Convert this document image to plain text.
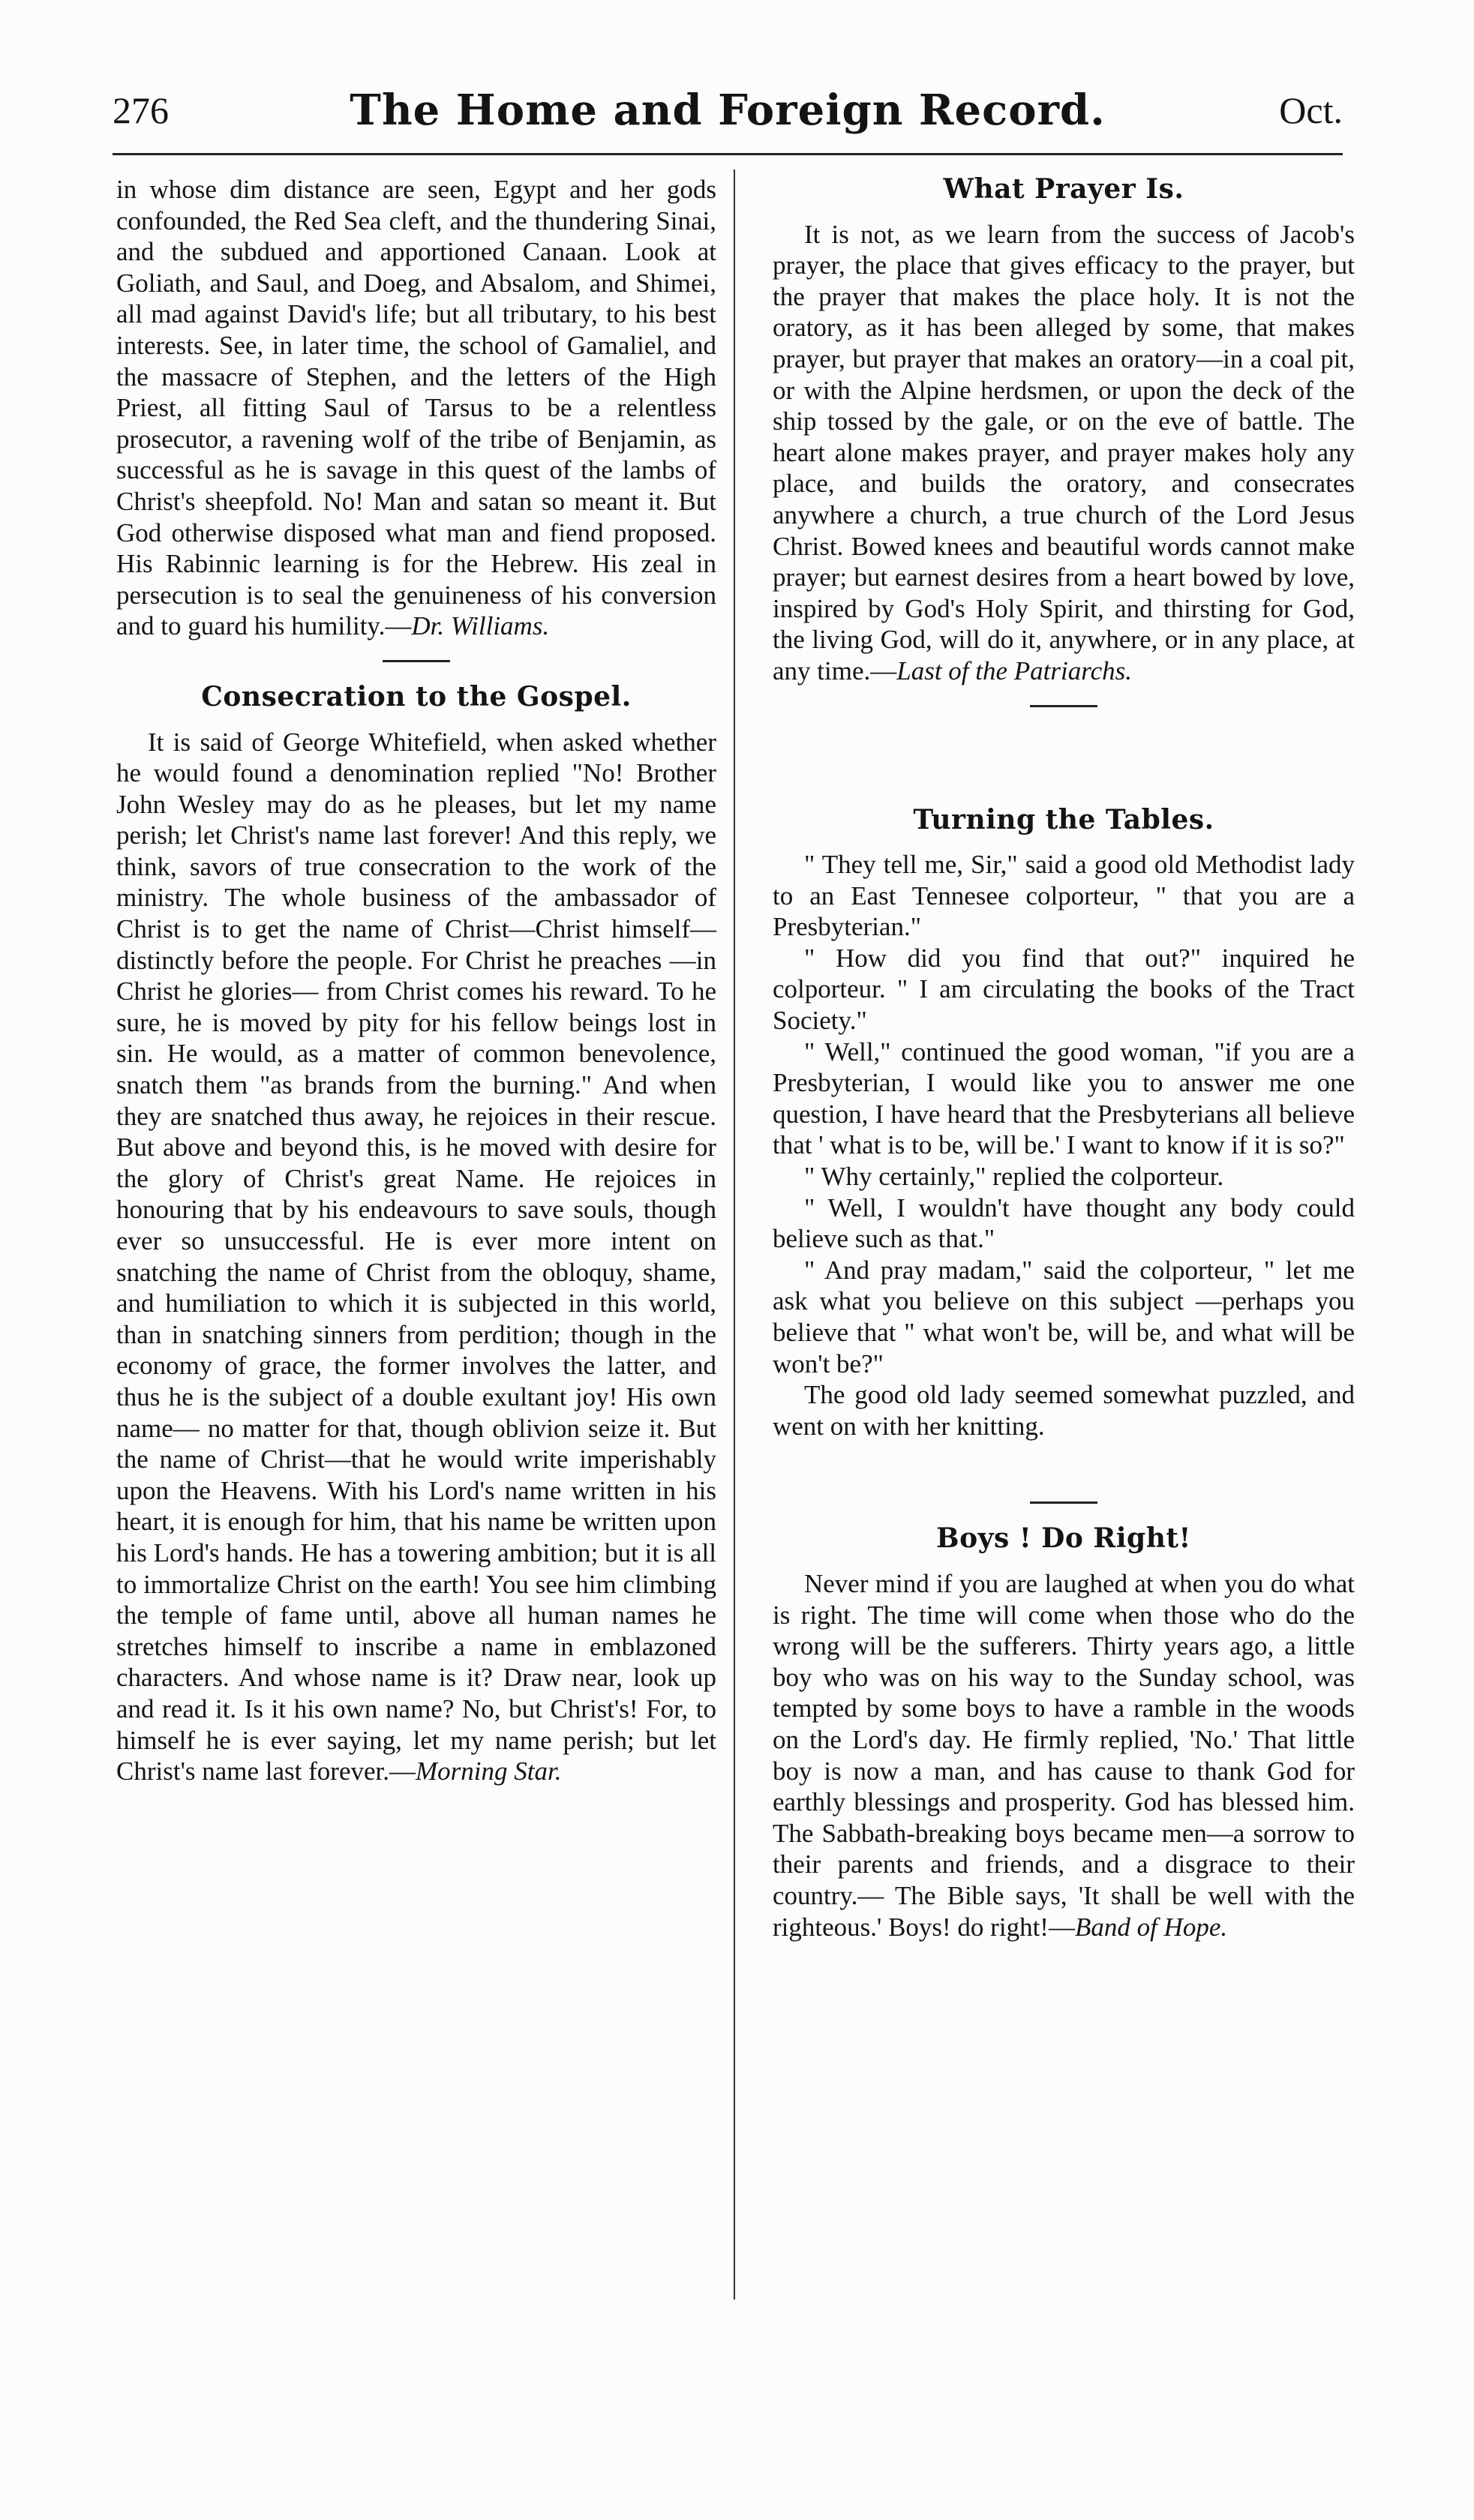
276	The Home and Foreign Record.	Oct.

in whose dim distance are seen, Egypt and her gods confounded, the Red Sea cleft, and the thundering Sinai, and the subdued and apportioned Canaan. Look at Goliath, and Saul, and Doeg, and Absalom, and Shimei, all mad against David's life; but all tributary, to his best interests. See, in later time, the school of Gamaliel, and the massacre of Stephen, and the letters of the High Priest, all fitting Saul of Tarsus to be a relentless prosecutor, a ravening wolf of the tribe of Benjamin, as successful as he is savage in this quest of the lambs of Christ's sheepfold. No! Man and satan so meant it. But God otherwise disposed what man and fiend proposed. His Rabinnic learning is for the Hebrew. His zeal in persecution is to seal the genuineness of his conversion and to guard his humility.—Dr. Williams.

Consecration to the Gospel.

It is said of George Whitefield, when asked whether he would found a denomination replied "No! Brother John Wesley may do as he pleases, but let my name perish; let Christ's name last forever! And this reply, we think, savors of true consecration to the work of the ministry. The whole business of the ambassador of Christ is to get the name of Christ—Christ himself—distinctly before the people. For Christ he preaches —in Christ he glories— from Christ comes his reward. To he sure, he is moved by pity for his fellow beings lost in sin. He would, as a matter of common benevolence, snatch them "as brands from the burning." And when they are snatched thus away, he rejoices in their rescue. But above and beyond this, is he moved with desire for the glory of Christ's great Name. He rejoices in honouring that by his endeavours to save souls, though ever so unsuccessful. He is ever more intent on snatching the name of Christ from the obloquy, shame, and humiliation to which it is subjected in this world, than in snatching sinners from perdition; though in the economy of grace, the former involves the latter, and thus he is the subject of a double exultant joy! His own name— no matter for that, though oblivion seize it. But the name of Christ—that he would write imperishably upon the Heavens. With his Lord's name written in his heart, it is enough for him, that his name be written upon his Lord's hands. He has a towering ambition; but it is all to immortalize Christ on the earth! You see him climbing the temple of fame until, above all human names he stretches himself to inscribe a name in emblazoned characters. And whose name is it? Draw near, look up and read it. Is it his own name? No, but Christ's! For, to himself he is ever saying, let my name perish; but let Christ's name last forever.—Morning Star.

What Prayer Is.

It is not, as we learn from the success of Jacob's prayer, the place that gives efficacy to the prayer, but the prayer that makes the place holy. It is not the oratory, as it has been alleged by some, that makes prayer, but prayer that makes an oratory—in a coal pit, or with the Alpine herdsmen, or upon the deck of the ship tossed by the gale, or on the eve of battle. The heart alone makes prayer, and prayer makes holy any place, and builds the oratory, and consecrates anywhere a church, a true church of the Lord Jesus Christ. Bowed knees and beautiful words cannot make prayer; but earnest desires from a heart bowed by love, inspired by God's Holy Spirit, and thirsting for God, the living God, will do it, anywhere, or in any place, at any time.—Last of the Patriarchs.

Turning the Tables.

" They tell me, Sir," said a good old Methodist lady to an East Tennesee colporteur, " that you are a Presbyterian."

" How did you find that out?" inquired he colporteur. " I am circulating the books of the Tract Society."

" Well," continued the good woman, "if you are a Presbyterian, I would like you to answer me one question, I have heard that the Presbyterians all believe that ' what is to be, will be.' I want to know if it is so?"

" Why certainly," replied the colporteur.

" Well, I wouldn't have thought any body could believe such as that."

" And pray madam," said the colporteur, " let me ask what you believe on this subject —perhaps you believe that " what won't be, will be, and what will be won't be?"

The good old lady seemed somewhat puzzled, and went on with her knitting.

Boys ! Do Right!

Never mind if you are laughed at when you do what is right. The time will come when those who do the wrong will be the sufferers. Thirty years ago, a little boy who was on his way to the Sunday school, was tempted by some boys to have a ramble in the woods on the Lord's day. He firmly replied, 'No.' That little boy is now a man, and has cause to thank God for earthly blessings and prosperity. God has blessed him. The Sabbath-breaking boys became men—a sorrow to their parents and friends, and a disgrace to their country.— The Bible says, 'It shall be well with the righteous.' Boys! do right!—Band of Hope.
